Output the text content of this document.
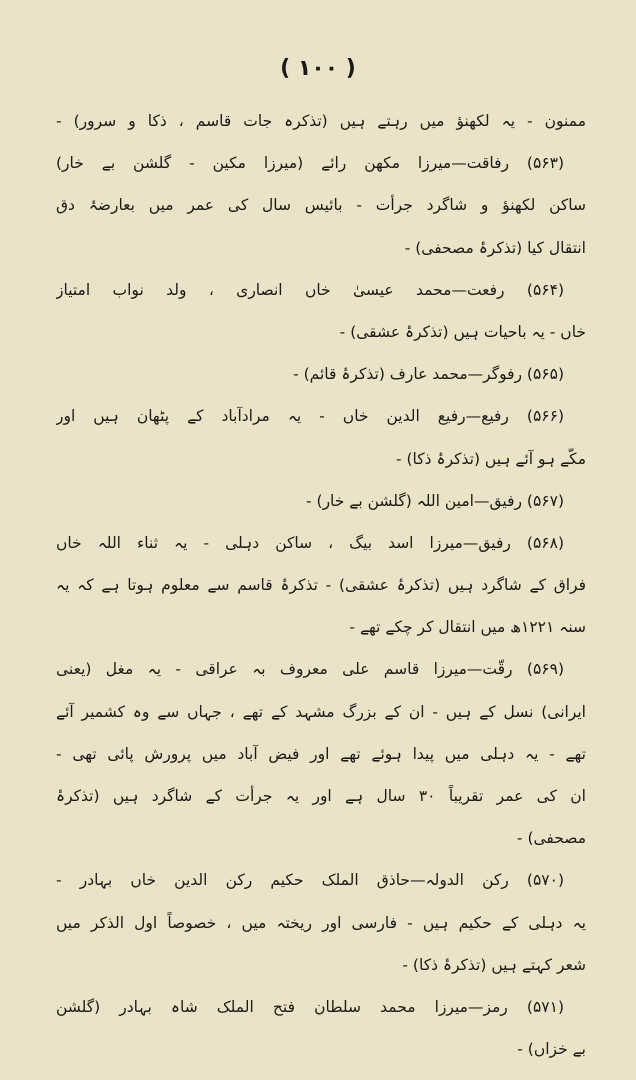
( ۱۰۰ )
ممنون - یہ لکھنؤ میں رہتے ہیں (تذکرہ جات قاسم ، ذکا و سرور) -
(۵۶۳) رفاقت—میرزا مکھن رائے (میرزا مکین - گلشن بے خار)
ساکن لکھنؤ و شاگرد جرأت - بائیس سال کی عمر میں بعارضۂ دق
انتقال کیا (تذکرۂ مصحفی) -
(۵۶۴) رفعت—محمد عیسیٰ خاں انصاری ، ولد نواب امتیاز
خاں - یہ باحیات ہیں (تذکرۂ عشقی) -
(۵۶۵) رفوگر—محمد عارف (تذکرۂ قائم) -
(۵۶۶) رفیع—رفیع الدین خاں - یہ مرادآباد کے پٹھان ہیں اور
مکّے ہو آئے ہیں (تذکرۂ ذکا) -
(۵۶۷) رفیق—امین اللہ (گلشن بے خار) -
(۵۶۸) رفیق—میرزا اسد بیگ ، ساکن دہلی - یہ ثناء اللہ خاں
فراق کے شاگرد ہیں (تذکرۂ عشقی) - تذکرۂ قاسم سے معلوم ہوتا ہے کہ یہ
سنہ ۱۲۲۱ھ میں انتقال کر چکے تھے -
(۵۶۹) رقّت—میرزا قاسم علی معروف بہ عراقی - یہ مغل (یعنی
ایرانی) نسل کے ہیں - ان کے بزرگ مشہد کے تھے ، جہاں سے وہ کشمیر آئے
تھے - یہ دہلی میں پیدا ہوئے تھے اور فیض آباد میں پرورش پائی تھی -
ان کی عمر تقریباً ۳۰ سال ہے اور یہ جرأت کے شاگرد ہیں (تذکرۂ
مصحفی) -
(۵۷۰) رکن الدولہ—حاذق الملک حکیم رکن الدین خاں بہادر -
یہ دہلی کے حکیم ہیں - فارسی اور ریختہ میں ، خصوصاً اول الذکر میں
شعر کہتے ہیں (تذکرۂ ذکا) -
(۵۷۱) رمز—میرزا محمد سلطان فتح الملک شاہ بہادر (گلشن
بے خزاں) -
